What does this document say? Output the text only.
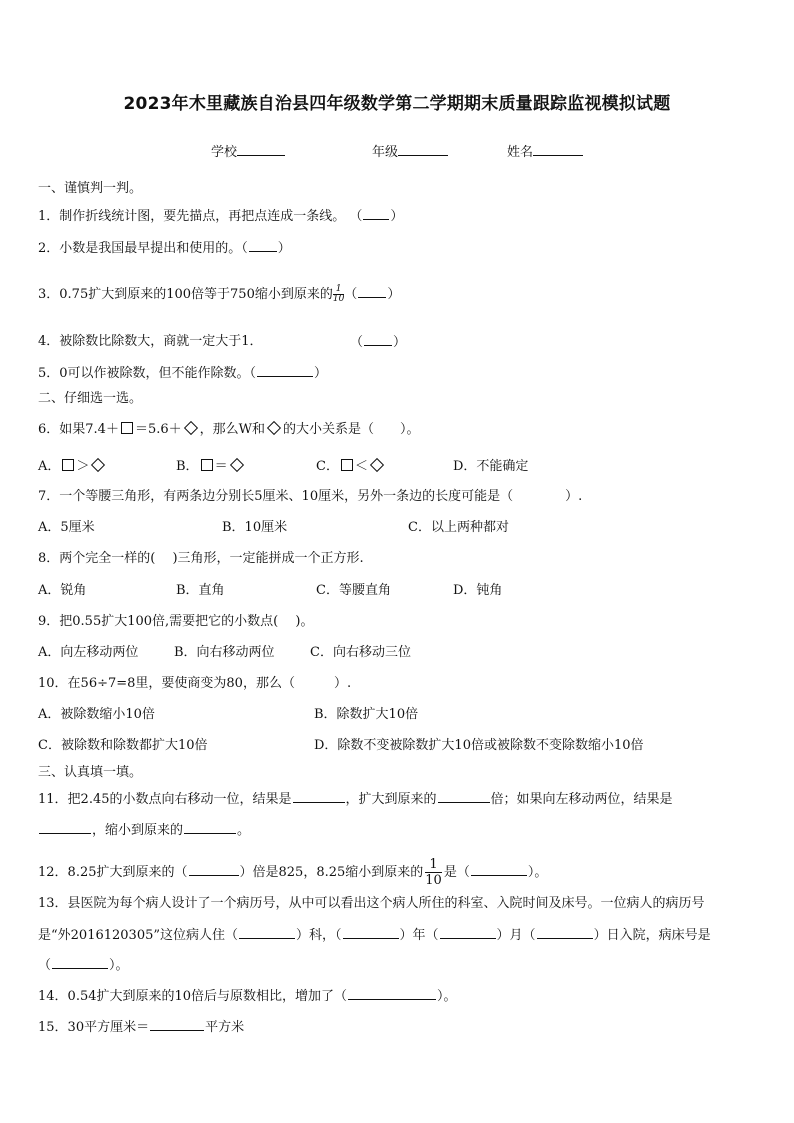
2023年木里藏族自治县四年级数学第二学期期末质量跟踪监视模拟试题
学校	年级	姓名
一、谨慎判一判。
1．制作折线统计图，要先描点，再把点连成一条线。 （ ）
2．小数是我国最早提出和使用的。（ ）
3．0.75扩大到原来的100倍等于750缩小到原来的 $\frac{1}{10}$ （ ）
4．被除数比除数大，商就一定大于1．	（ ）
5．0可以作被除数，但不能作除数。（	）
二、仔细选一选。
6．如果7.4＋ ＝5.6＋ ，那么W和 的大小关系是（　　）。
A． ＞	B． ＝	C． ＜	D．不能确定
7．一个等腰三角形，有两条边分别长5厘米、10厘米，另外一条边的长度可能是（　　　　）.
A．5厘米	B．10厘米	C．以上两种都对
8．两个完全一样的(　 )三角形，一定能拼成一个正方形.
A．锐角	B．直角	C．等腰直角	D．钝角
9．把0.55扩大100倍,需要把它的小数点(　 )。
A．向左移动两位	B．向右移动两位	C．向右移动三位
10．在56÷7=8里，要使商变为80，那么（　　　）.
A．被除数缩小10倍	B．除数扩大10倍
C．被除数和除数都扩大10倍	D．除数不变被除数扩大10倍或被除数不变除数缩小10倍
三、认真填一填。
11．把2.45的小数点向右移动一位，结果是	，扩大到原来的	倍；如果向左移动两位，结果是
，缩小到原来的	。
12．8.25扩大到原来的（	）倍是825，8.25缩小到原来的 $\frac{1}{10}$ 是（	）。
13．县医院为每个病人设计了一个病历号，从中可以看出这个病人所住的科室、入院时间及床号。一位病人的病历号
是“外2016120305”这位病人住（	）科，（	）年（	）月（	）日入院，病床号是
（	）。
14．0.54扩大到原来的10倍后与原数相比，增加了（	）。
15．30平方厘米＝	平方米
